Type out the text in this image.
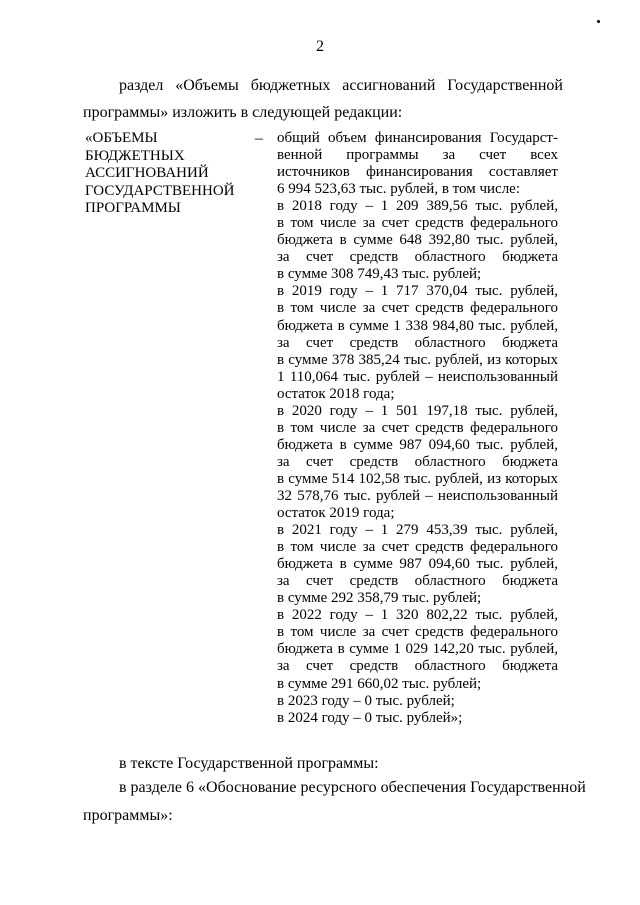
2
раздел «Объемы бюджетных ассигнований Государственной
программы» изложить в следующей редакции:
«ОБЪЕМЫ
БЮДЖЕТНЫХ
АССИГНОВАНИЙ
ГОСУДАРСТВЕННОЙ
ПРОГРАММЫ
– общий объем финансирования Государст-
венной программы за счет всех
источников финансирования составляет
6 994 523,63 тыс. рублей, в том числе:
в 2018 году – 1 209 389,56 тыс. рублей,
в том числе за счет средств федерального
бюджета в сумме 648 392,80 тыс. рублей,
за счет средств областного бюджета
в сумме 308 749,43 тыс. рублей;
в 2019 году – 1 717 370,04 тыс. рублей,
в том числе за счет средств федерального
бюджета в сумме 1 338 984,80 тыс. рублей,
за счет средств областного бюджета
в сумме 378 385,24 тыс. рублей, из которых
1 110,064 тыс. рублей – неиспользованный
остаток 2018 года;
в 2020 году – 1 501 197,18 тыс. рублей,
в том числе за счет средств федерального
бюджета в сумме 987 094,60 тыс. рублей,
за счет средств областного бюджета
в сумме 514 102,58 тыс. рублей, из которых
32 578,76 тыс. рублей – неиспользованный
остаток 2019 года;
в 2021 году – 1 279 453,39 тыс. рублей,
в том числе за счет средств федерального
бюджета в сумме 987 094,60 тыс. рублей,
за счет средств областного бюджета
в сумме 292 358,79 тыс. рублей;
в 2022 году – 1 320 802,22 тыс. рублей,
в том числе за счет средств федерального
бюджета в сумме 1 029 142,20 тыс. рублей,
за счет средств областного бюджета
в сумме 291 660,02 тыс. рублей;
в 2023 году – 0 тыс. рублей;
в 2024 году – 0 тыс. рублей»;
в тексте Государственной программы:
в разделе 6 «Обоснование ресурсного обеспечения Государственной
программы»:
